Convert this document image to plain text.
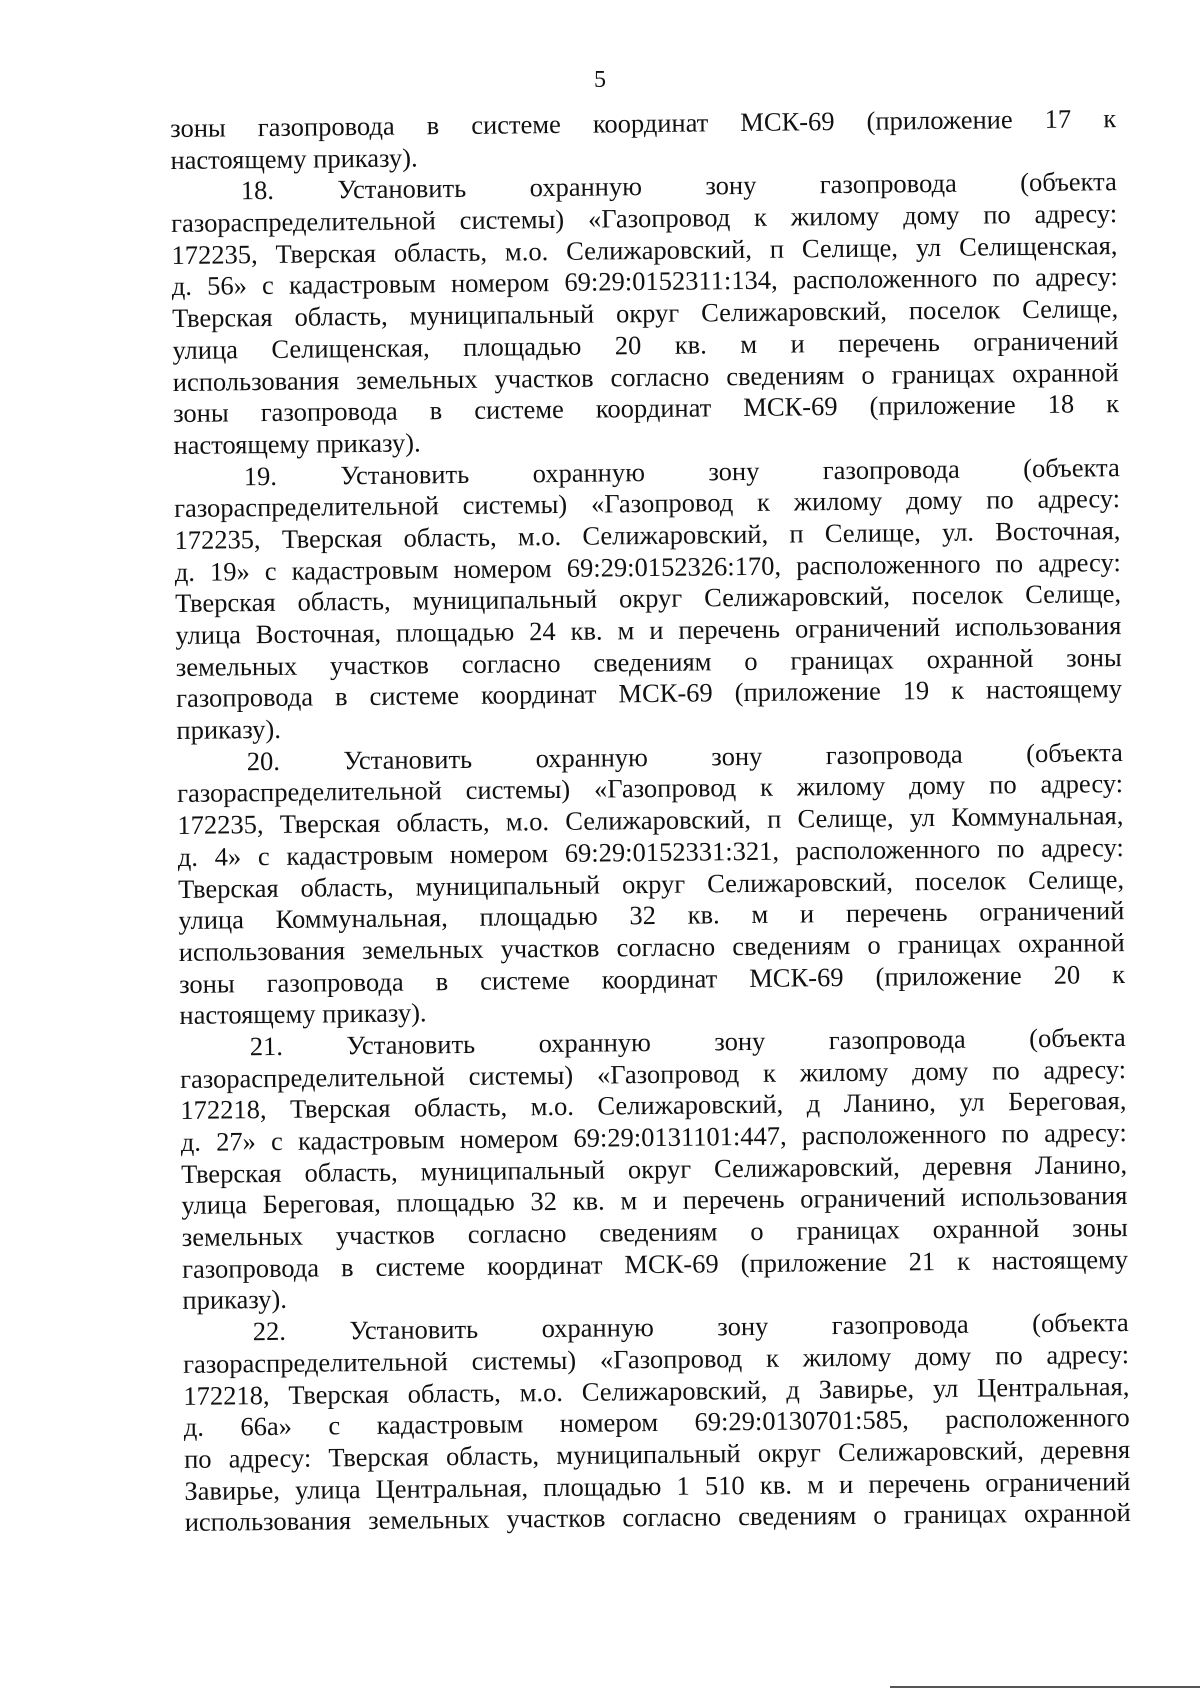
5
зоны газопровода в системе координат МСК-69 (приложение 17 к
настоящему приказу).
18. Установить охранную зону газопровода (объекта
газораспределительной системы) «Газопровод к жилому дому по адресу:
172235, Тверская область, м.о. Селижаровский, п Селище, ул Селищенская,
д. 56» с кадастровым номером 69:29:0152311:134, расположенного по адресу:
Тверская область, муниципальный округ Селижаровский, поселок Селище,
улица Селищенская, площадью 20 кв. м и перечень ограничений
использования земельных участков согласно сведениям о границах охранной
зоны газопровода в системе координат МСК-69 (приложение 18 к
настоящему приказу).
19. Установить охранную зону газопровода (объекта
газораспределительной системы) «Газопровод к жилому дому по адресу:
172235, Тверская область, м.о. Селижаровский, п Селище, ул. Восточная,
д. 19» с кадастровым номером 69:29:0152326:170, расположенного по адресу:
Тверская область, муниципальный округ Селижаровский, поселок Селище,
улица Восточная, площадью 24 кв. м и перечень ограничений использования
земельных участков согласно сведениям о границах охранной зоны
газопровода в системе координат МСК-69 (приложение 19 к настоящему
приказу).
20. Установить охранную зону газопровода (объекта
газораспределительной системы) «Газопровод к жилому дому по адресу:
172235, Тверская область, м.о. Селижаровский, п Селище, ул Коммунальная,
д. 4» с кадастровым номером 69:29:0152331:321, расположенного по адресу:
Тверская область, муниципальный округ Селижаровский, поселок Селище,
улица Коммунальная, площадью 32 кв. м и перечень ограничений
использования земельных участков согласно сведениям о границах охранной
зоны газопровода в системе координат МСК-69 (приложение 20 к
настоящему приказу).
21. Установить охранную зону газопровода (объекта
газораспределительной системы) «Газопровод к жилому дому по адресу:
172218, Тверская область, м.о. Селижаровский, д Ланино, ул Береговая,
д. 27» с кадастровым номером 69:29:0131101:447, расположенного по адресу:
Тверская область, муниципальный округ Селижаровский, деревня Ланино,
улица Береговая, площадью 32 кв. м и перечень ограничений использования
земельных участков согласно сведениям о границах охранной зоны
газопровода в системе координат МСК-69 (приложение 21 к настоящему
приказу).
22. Установить охранную зону газопровода (объекта
газораспределительной системы) «Газопровод к жилому дому по адресу:
172218, Тверская область, м.о. Селижаровский, д Завирье, ул Центральная,
д. 66а» с кадастровым номером 69:29:0130701:585, расположенного
по адресу: Тверская область, муниципальный округ Селижаровский, деревня
Завирье, улица Центральная, площадью 1 510 кв. м и перечень ограничений
использования земельных участков согласно сведениям о границах охранной
